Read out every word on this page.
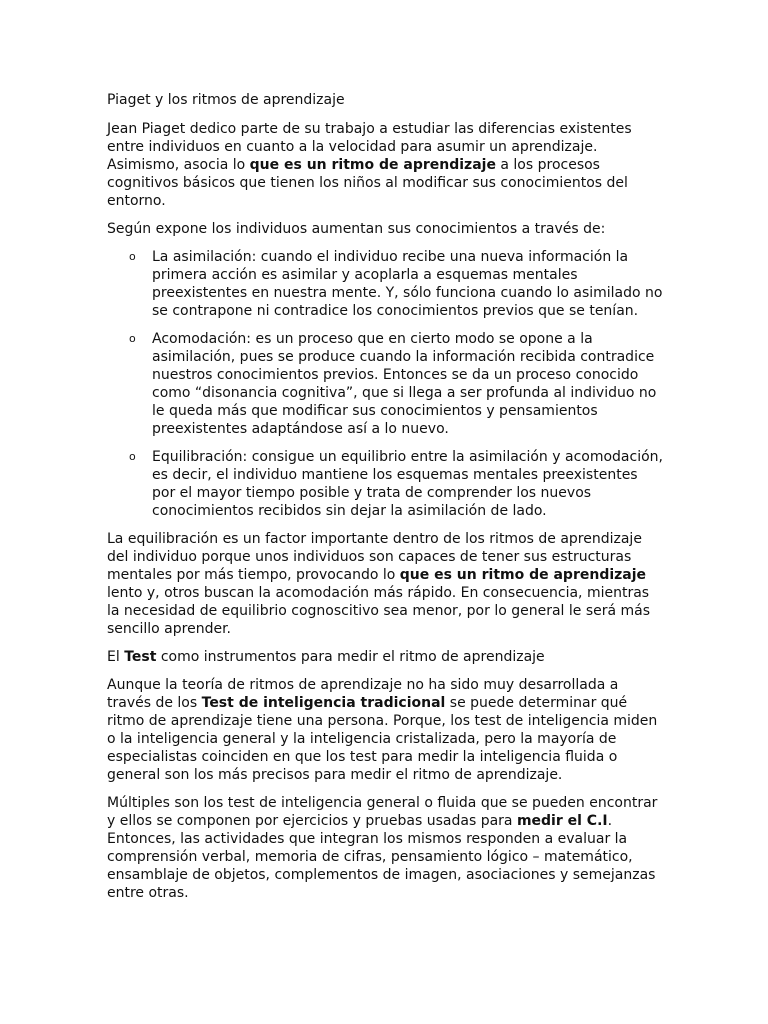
Piaget y los ritmos de aprendizaje

Jean Piaget dedico parte de su trabajo a estudiar las diferencias existentes entre individuos en cuanto a la velocidad para asumir un aprendizaje. Asimismo, asocia lo que es un ritmo de aprendizaje a los procesos cognitivos básicos que tienen los niños al modificar sus conocimientos del entorno.

Según expone los individuos aumentan sus conocimientos a través de:

o La asimilación: cuando el individuo recibe una nueva información la primera acción es asimilar y acoplarla a esquemas mentales preexistentes en nuestra mente. Y, sólo funciona cuando lo asimilado no se contrapone ni contradice los conocimientos previos que se tenían.
o Acomodación: es un proceso que en cierto modo se opone a la asimilación, pues se produce cuando la información recibida contradice nuestros conocimientos previos. Entonces se da un proceso conocido como “disonancia cognitiva”, que si llega a ser profunda al individuo no le queda más que modificar sus conocimientos y pensamientos preexistentes adaptándose así a lo nuevo.
o Equilibración: consigue un equilibrio entre la asimilación y acomodación, es decir, el individuo mantiene los esquemas mentales preexistentes por el mayor tiempo posible y trata de comprender los nuevos conocimientos recibidos sin dejar la asimilación de lado.

La equilibración es un factor importante dentro de los ritmos de aprendizaje del individuo porque unos individuos son capaces de tener sus estructuras mentales por más tiempo, provocando lo que es un ritmo de aprendizaje lento y, otros buscan la acomodación más rápido. En consecuencia, mientras la necesidad de equilibrio cognoscitivo sea menor, por lo general le será más sencillo aprender.

El Test como instrumentos para medir el ritmo de aprendizaje

Aunque la teoría de ritmos de aprendizaje no ha sido muy desarrollada a través de los Test de inteligencia tradicional se puede determinar qué ritmo de aprendizaje tiene una persona. Porque, los test de inteligencia miden o la inteligencia general y la inteligencia cristalizada, pero la mayoría de especialistas coinciden en que los test para medir la inteligencia fluida o general son los más precisos para medir el ritmo de aprendizaje.

Múltiples son los test de inteligencia general o fluida que se pueden encontrar y ellos se componen por ejercicios y pruebas usadas para medir el C.I. Entonces, las actividades que integran los mismos responden a evaluar la comprensión verbal, memoria de cifras, pensamiento lógico – matemático, ensamblaje de objetos, complementos de imagen, asociaciones y semejanzas entre otras.
